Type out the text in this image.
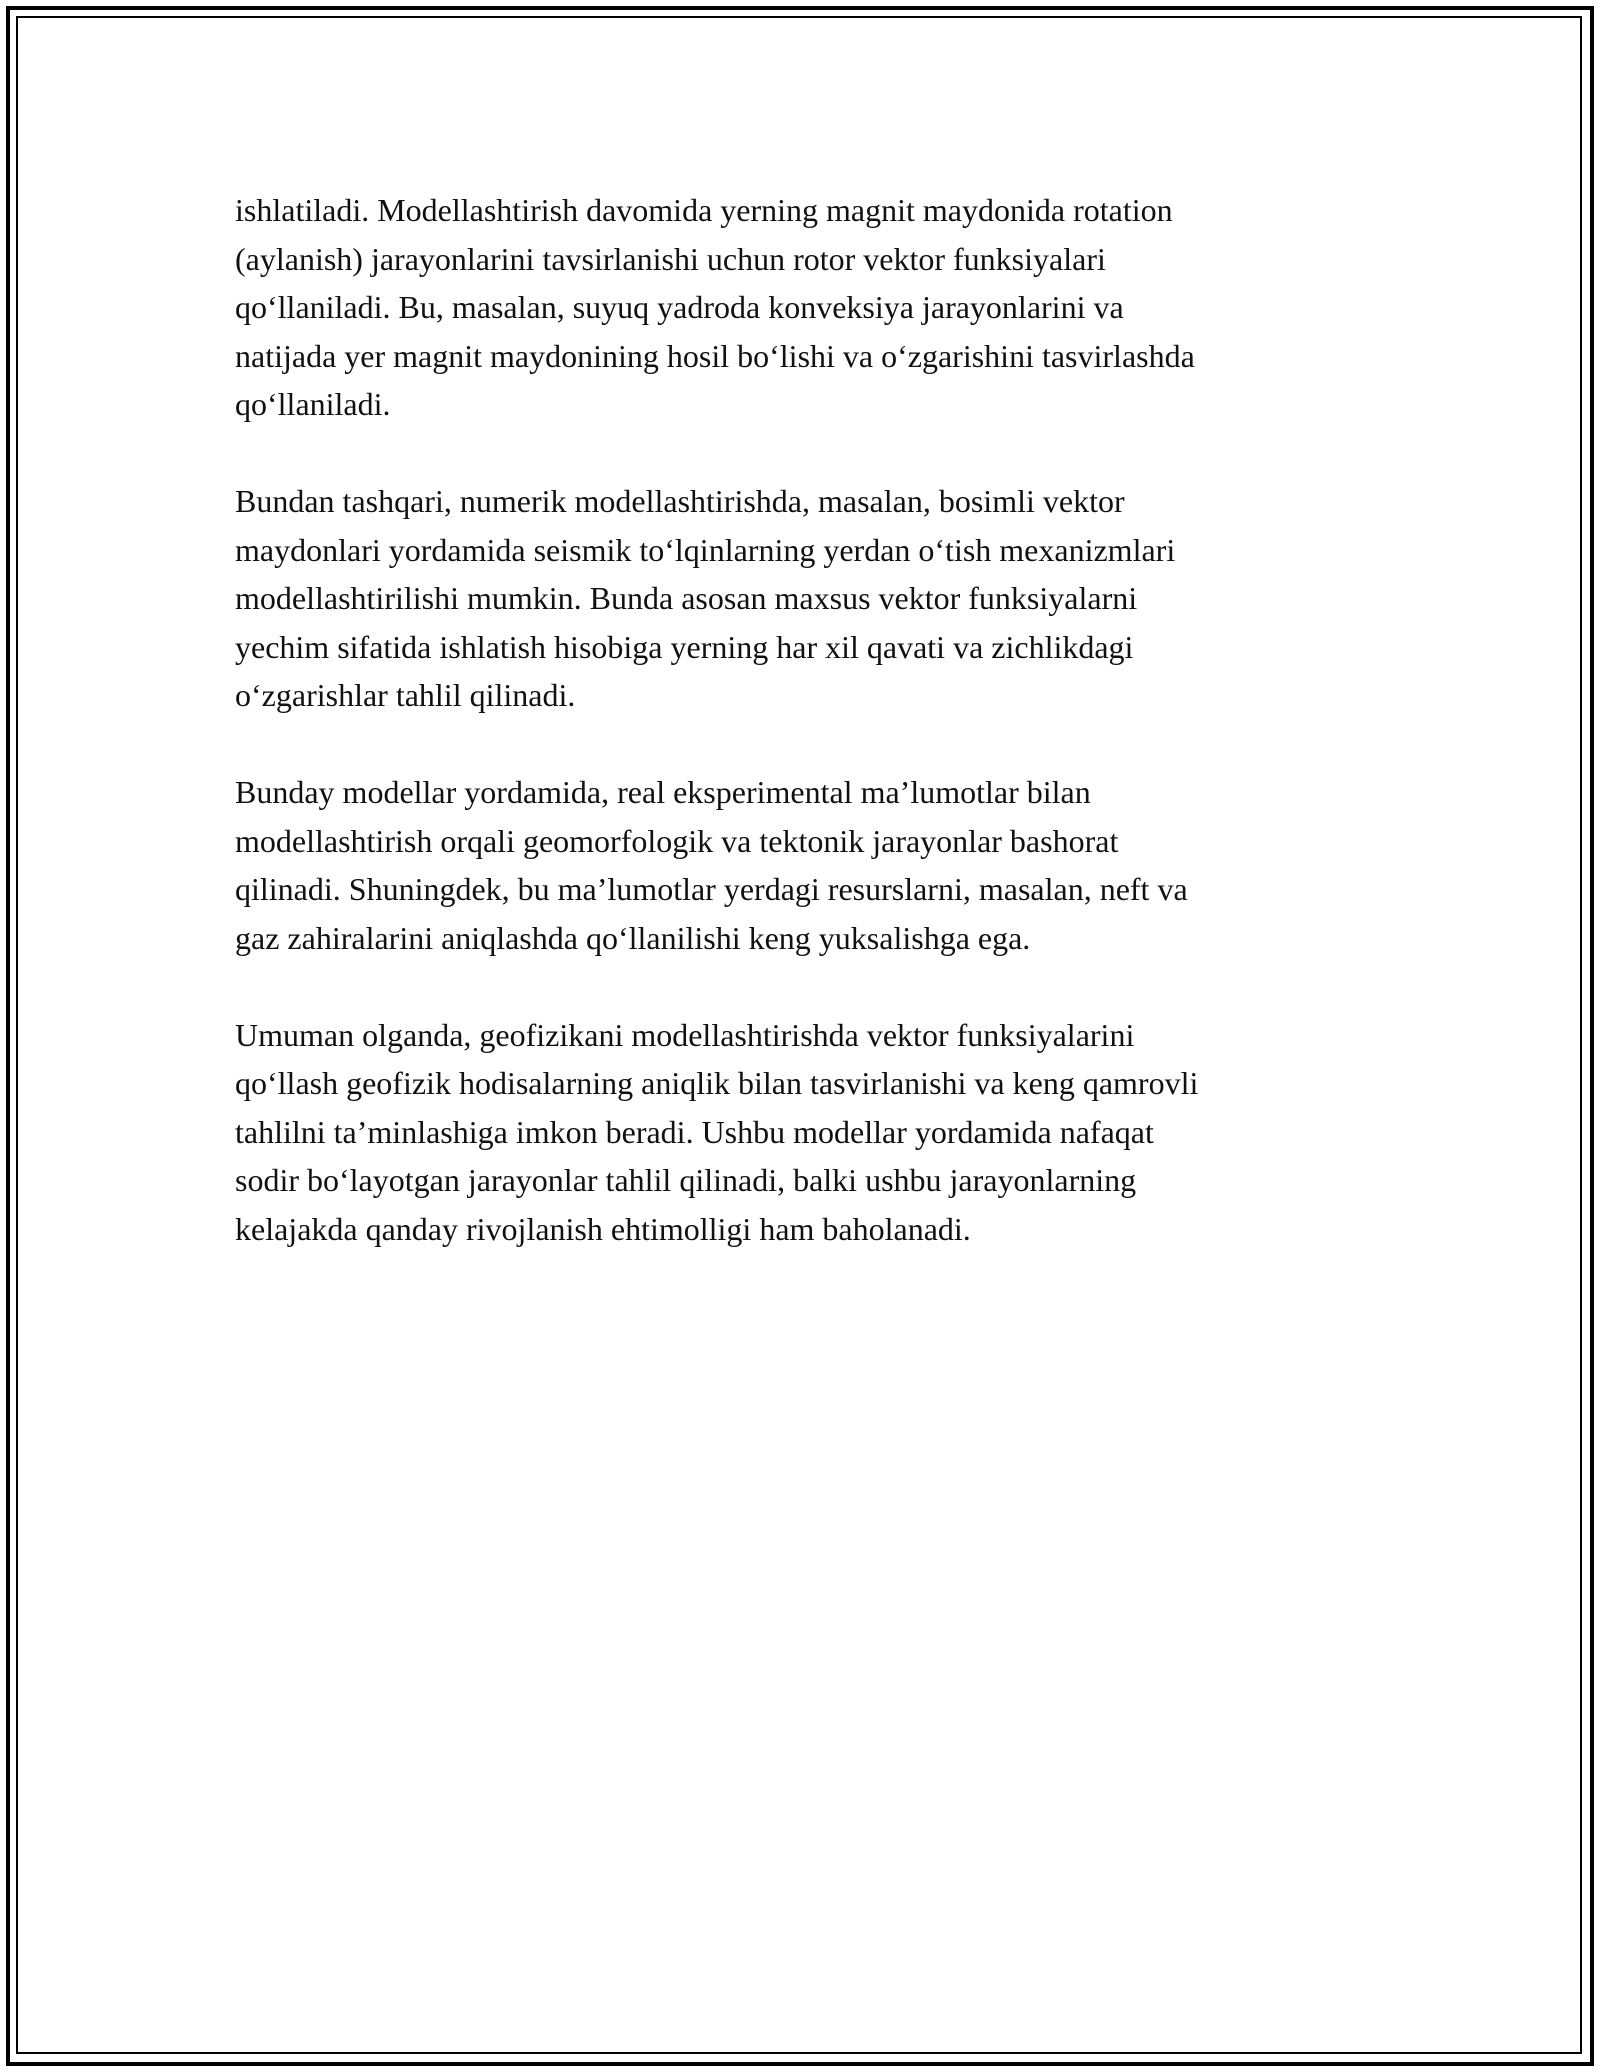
ishlatiladi. Modellashtirish davomida yerning magnit maydonida rotation
(aylanish) jarayonlarini tavsirlanishi uchun rotor vektor funksiyalari
qo‘llaniladi. Bu, masalan, suyuq yadroda konveksiya jarayonlarini va
natijada yer magnit maydonining hosil bo‘lishi va o‘zgarishini tasvirlashda
qo‘llaniladi.

Bundan tashqari, numerik modellashtirishda, masalan, bosimli vektor
maydonlari yordamida seismik to‘lqinlarning yerdan o‘tish mexanizmlari
modellashtirilishi mumkin. Bunda asosan maxsus vektor funksiyalarni
yechim sifatida ishlatish hisobiga yerning har xil qavati va zichlikdagi
o‘zgarishlar tahlil qilinadi.

Bunday modellar yordamida, real eksperimental ma’lumotlar bilan
modellashtirish orqali geomorfologik va tektonik jarayonlar bashorat
qilinadi. Shuningdek, bu ma’lumotlar yerdagi resurslarni, masalan, neft va
gaz zahiralarini aniqlashda qo‘llanilishi keng yuksalishga ega.

Umuman olganda, geofizikani modellashtirishda vektor funksiyalarini
qo‘llash geofizik hodisalarning aniqlik bilan tasvirlanishi va keng qamrovli
tahlilni ta’minlashiga imkon beradi. Ushbu modellar yordamida nafaqat
sodir bo‘layotgan jarayonlar tahlil qilinadi, balki ushbu jarayonlarning
kelajakda qanday rivojlanish ehtimolligi ham baholanadi.
